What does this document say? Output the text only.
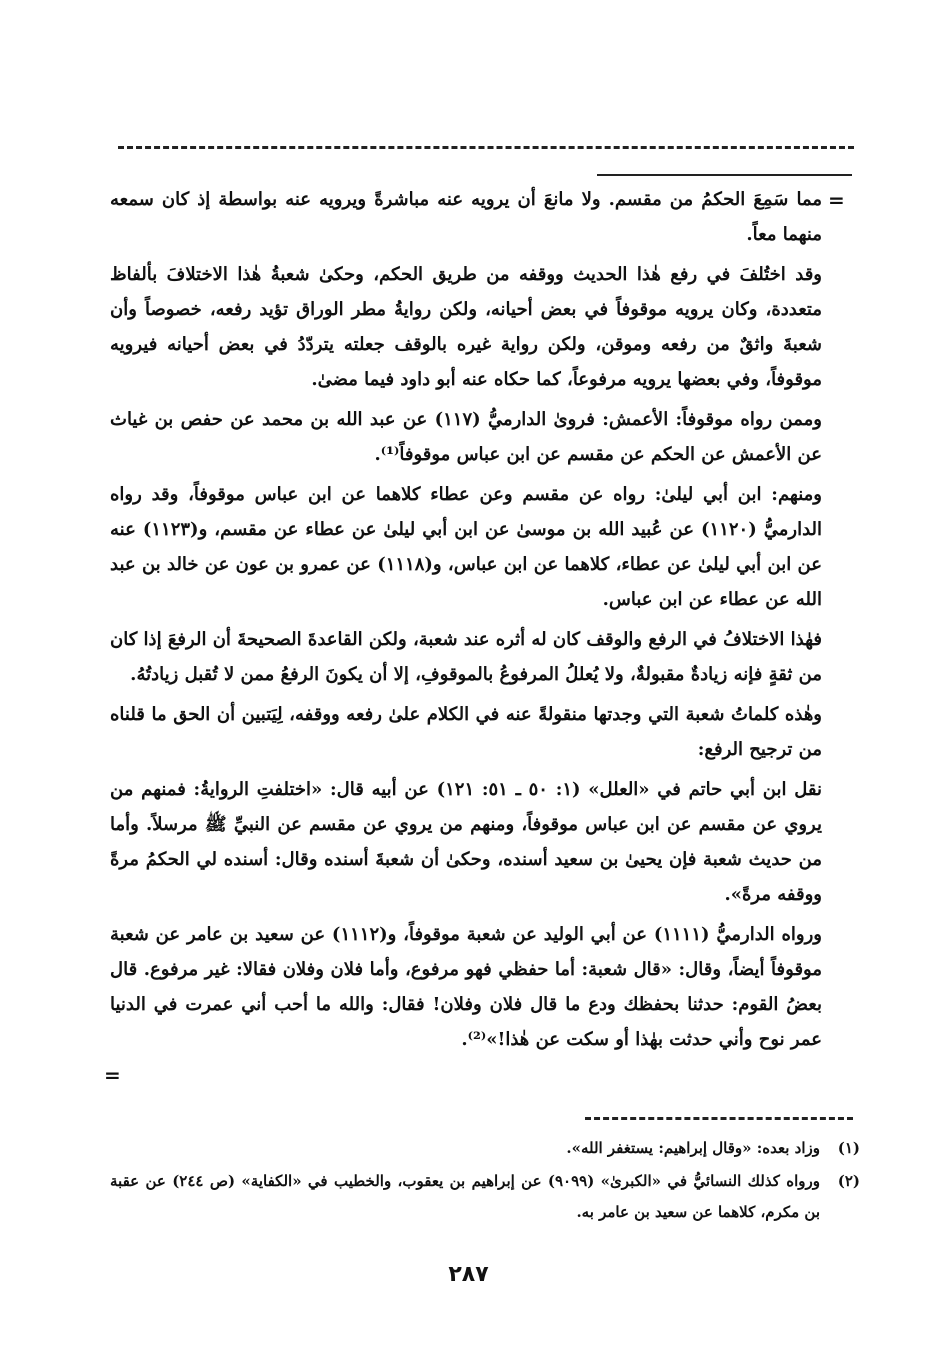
=

مما سَمِعَ الحكمُ من مقسم. ولا مانعَ أن يرويه عنه مباشرةً ويرويه عنه بواسطة إذ كان سمعه منهما معاً.

وقد اختُلفَ في رفع هٰذا الحديث ووقفه من طريق الحكم، وحكىٰ شعبةُ هٰذا الاختلافَ بألفاظ متعددة، وكان يرويه موقوفاً في بعض أحيانه، ولكن روايةُ مطر الوراق تؤيد رفعه، خصوصاً وأن شعبةَ واثقٌ من رفعه وموقن، ولكن رواية غيره بالوقف جعلته يتردّدُ في بعض أحيانه فيرويه موقوفاً، وفي بعضها يرويه مرفوعاً، كما حكاه عنه أبو داود فيما مضىٰ.

وممن رواه موقوفاً: الأعمش: فروىٰ الدارميُّ (١١٧) عن عبد الله بن محمد عن حفص بن غياث عن الأعمش عن الحكم عن مقسم عن ابن عباس موقوفاً⁽¹⁾.

ومنهم: ابن أبي ليلىٰ: رواه عن مقسم وعن عطاء كلاهما عن ابن عباس موقوفاً، وقد رواه الدارميُّ (١١٢٠) عن عُبيد الله بن موسىٰ عن ابن أبي ليلىٰ عن عطاء عن مقسم، و(١١٢٣) عنه عن ابن أبي ليلىٰ عن عطاء، كلاهما عن ابن عباس، و(١١١٨) عن عمرو بن عون عن خالد بن عبد الله عن عطاء عن ابن عباس.

فهٰذا الاختلافُ في الرفع والوقف كان له أثره عند شعبة، ولكن القاعدةَ الصحيحةَ أن الرفعَ إذا كان من ثقةٍ فإنه زيادةٌ مقبولةٌ، ولا يُعللُ المرفوعُ بالموقوفِ، إلا أن يكونَ الرفعُ ممن لا تُقبل زيادتُهُ.

وهٰذه كلماتُ شعبة التي وجدتها منقولةً عنه في الكلام علىٰ رفعه ووقفه، لِيَتبين أن الحق ما قلناه من ترجيح الرفع:

نقل ابن أبي حاتم في «العلل» (١: ٥٠ ـ ٥١: ١٢١) عن أبيه قال: «اختلفتِ الروايةُ: فمنهم من يروي عن مقسم عن ابن عباس موقوفاً، ومنهم من يروي عن مقسم عن النبيِّ ﷺ مرسلاً. وأما من حديث شعبة فإن يحيىٰ بن سعيد أسنده، وحكىٰ أن شعبةَ أسنده وقال: أسنده لي الحكمُ مرةً ووقفه مرةً».

ورواه الدارميُّ (١١١١) عن أبي الوليد عن شعبة موقوفاً، و(١١١٢) عن سعيد بن عامر عن شعبة موقوفاً أيضاً، وقال: «قال شعبة: أما حفظي فهو مرفوع، وأما فلان وفلان فقالا: غير مرفوع. قال بعضُ القوم: حدثنا بحفظك ودع ما قال فلان وفلان! فقال: والله ما أحب أني عمرت في الدنيا عمر نوح وأني حدثت بهٰذا أو سكت عن هٰذا!»⁽²⁾.

=
(١)
وزاد بعده: «وقال إبراهيم: يستغفر الله».
(٢)
ورواه كذلك النسائيُّ في «الكبرىٰ» (٩٠٩٩) عن إبراهيم بن يعقوب، والخطيب في «الكفاية» (ص ٢٤٤) عن عقبة بن مكرم، كلاهما عن سعيد بن عامر به.
٢٨٧
